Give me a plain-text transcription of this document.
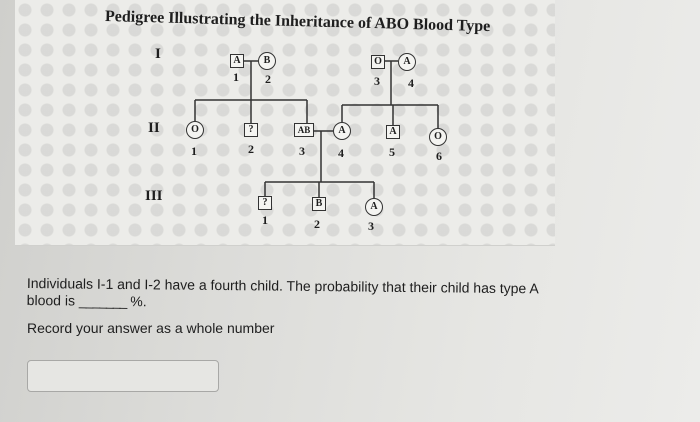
Pedigree Illustrating the Inheritance of ABO Blood Type
I
II
III
A
1
B
2
O
3
A
4
O
1
?
2
AB
3
A
4
A
5
O
6
?
1
B
2
A
3

Individuals I-1 and I-2 have a fourth child. The probability that their child has type A
blood is _______ %.

Record your answer as a whole number
